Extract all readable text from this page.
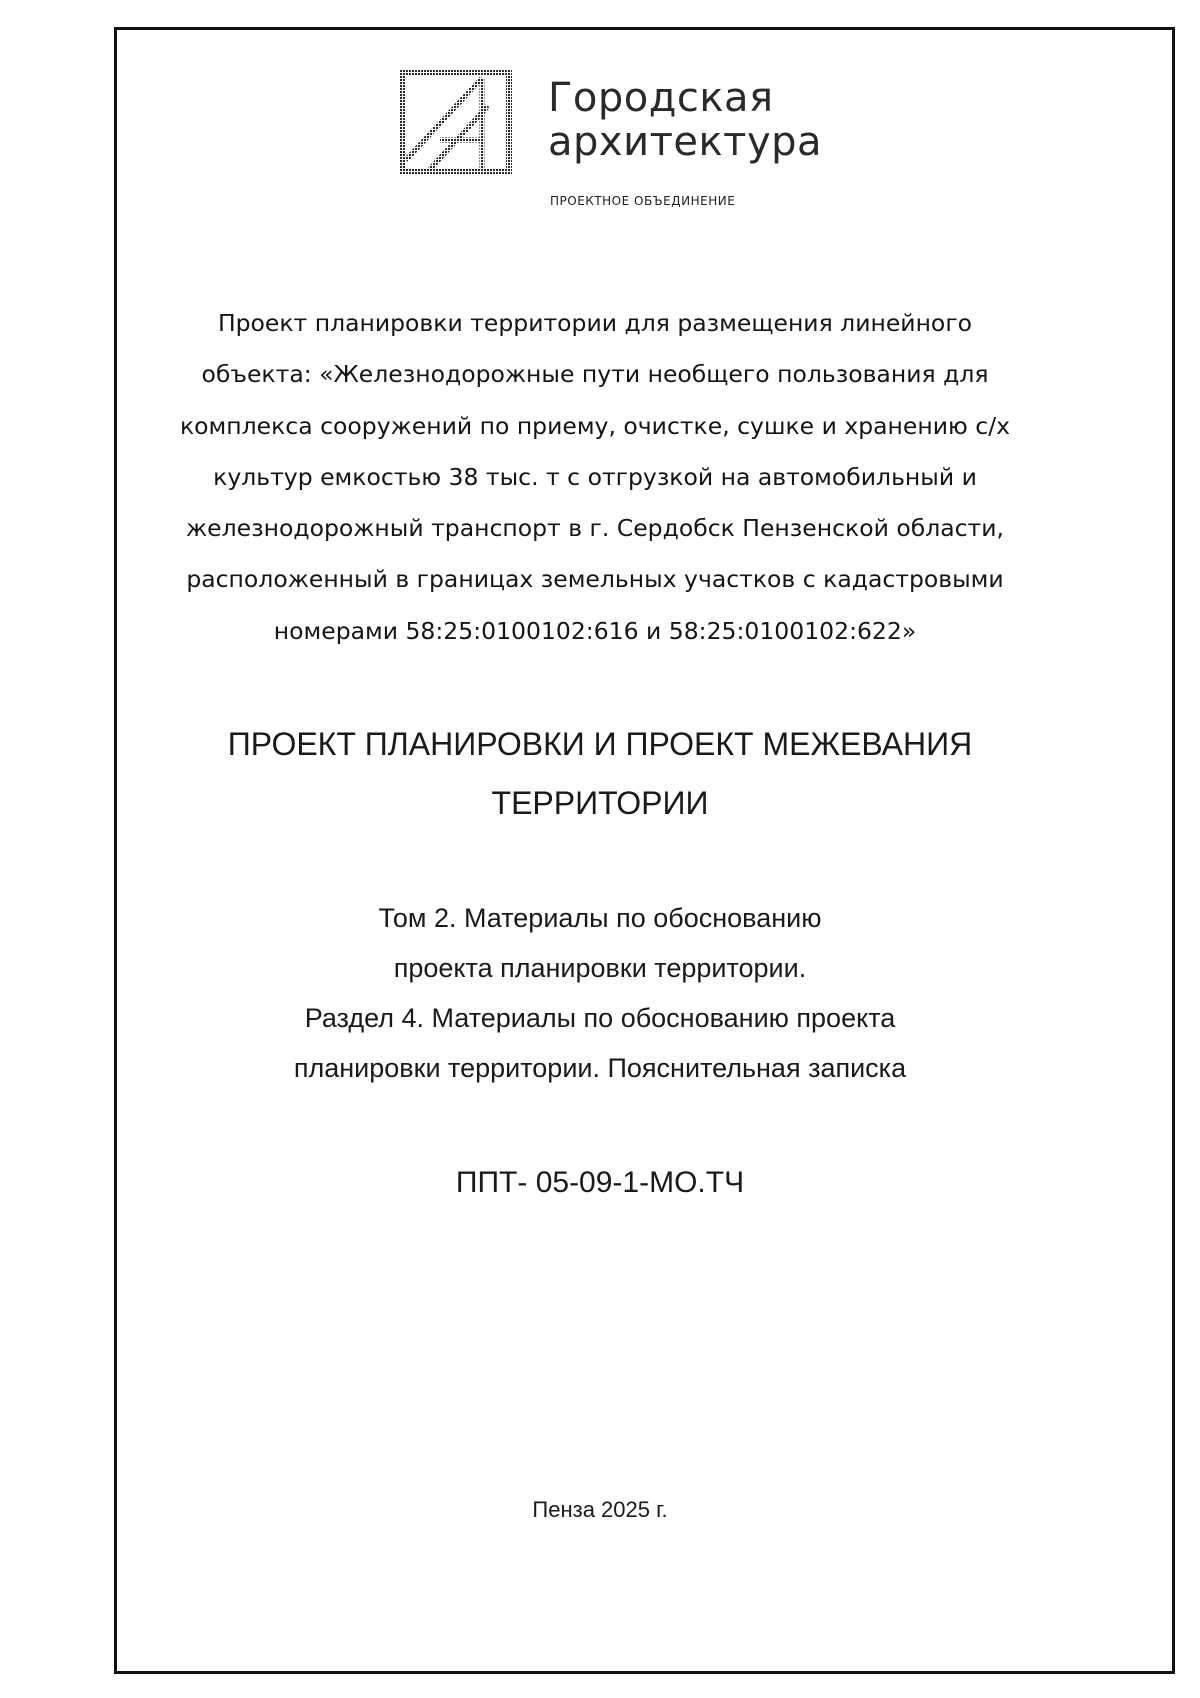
Городская
архитектура
ПРОЕКТНОЕ ОБЪЕДИНЕНИЕ
Проект планировки территории для размещения линейного
объекта: «Железнодорожные пути необщего пользования для
комплекса сооружений по приему, очистке, сушке и хранению с/х
культур емкостью 38 тыс. т с отгрузкой на автомобильный и
железнодорожный транспорт в г. Сердобск Пензенской области,
расположенный в границах земельных участков с кадастровыми
номерами 58:25:0100102:616 и 58:25:0100102:622»
ПРОЕКТ ПЛАНИРОВКИ И ПРОЕКТ МЕЖЕВАНИЯ
ТЕРРИТОРИИ
Том 2. Материалы по обоснованию
проекта планировки территории.
Раздел 4. Материалы по обоснованию проекта
планировки территории. Пояснительная записка
ППТ- 05-09-1-МО.ТЧ
Пенза 2025 г.
